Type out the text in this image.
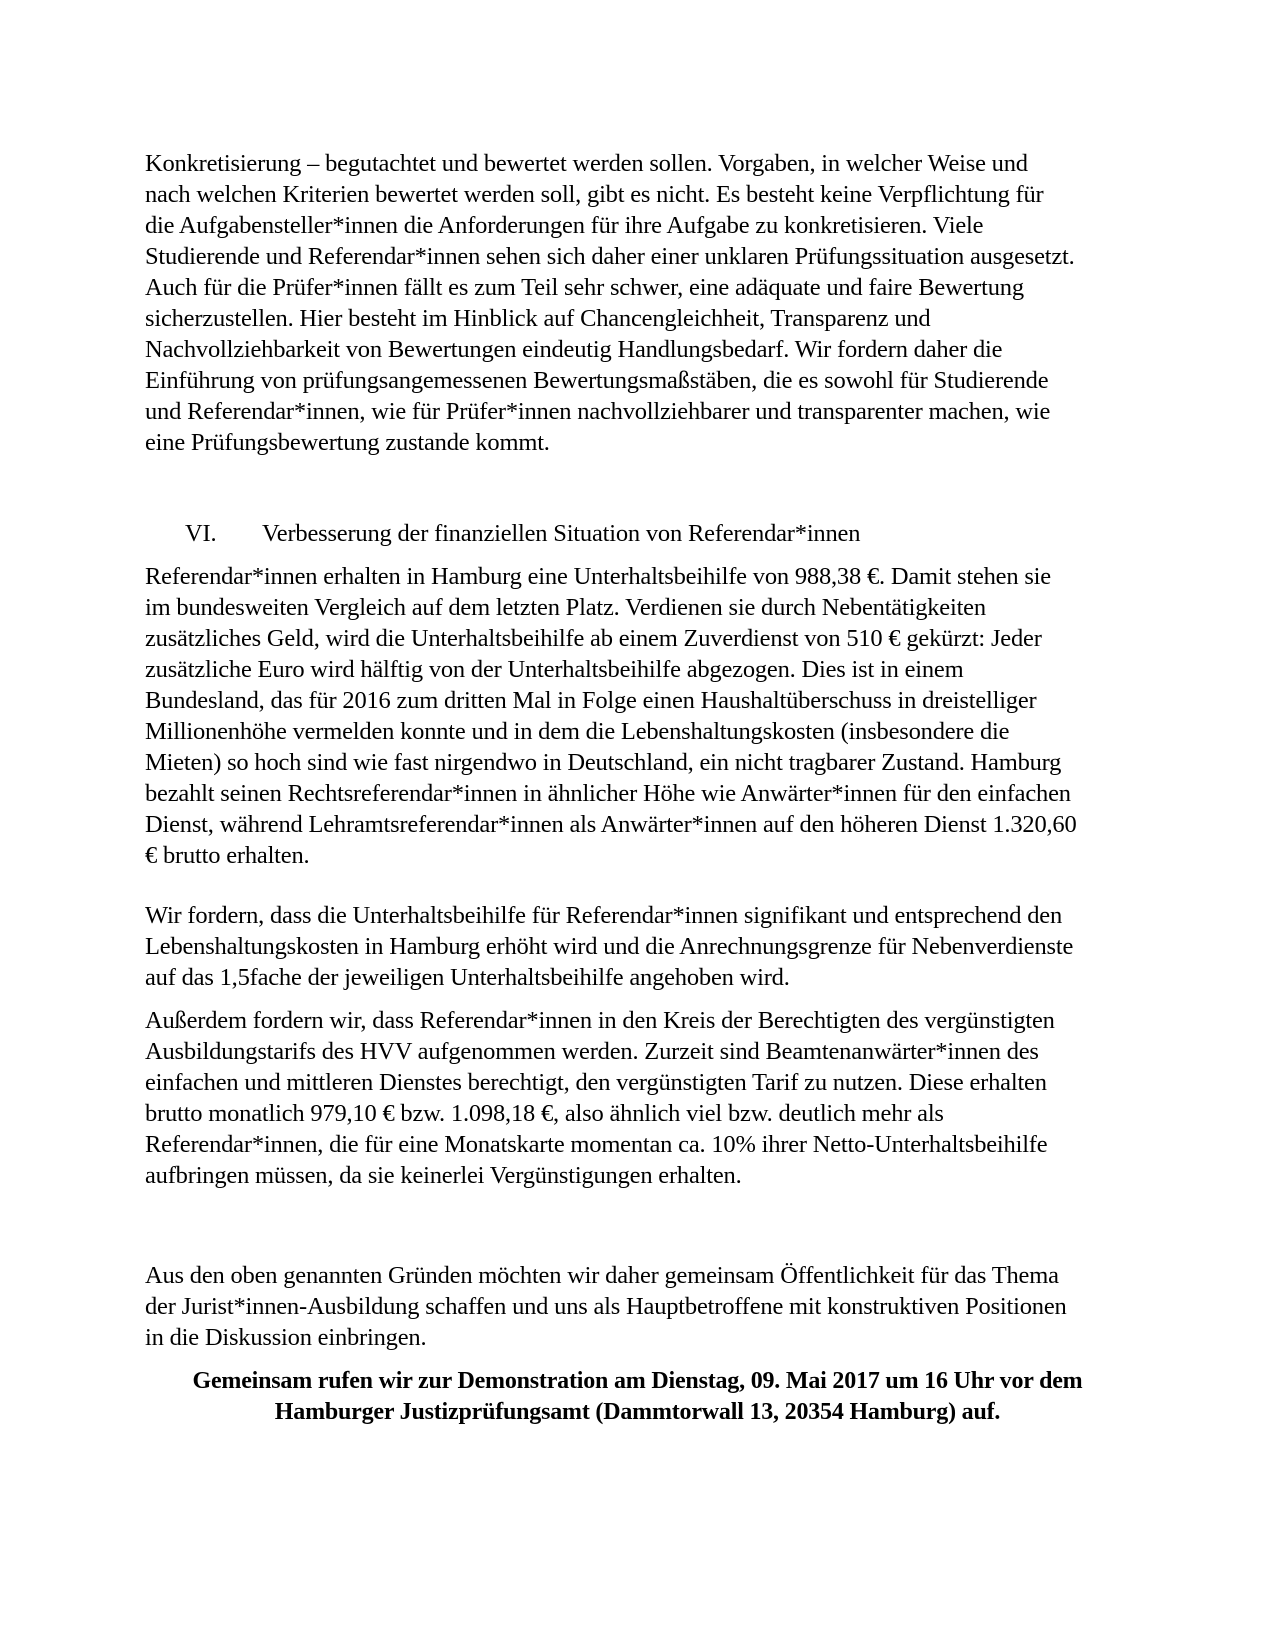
Konkretisierung – begutachtet und bewertet werden sollen. Vorgaben, in welcher Weise und
nach welchen Kriterien bewertet werden soll, gibt es nicht. Es besteht keine Verpflichtung für
die Aufgabensteller*innen die Anforderungen für ihre Aufgabe zu konkretisieren. Viele
Studierende und Referendar*innen sehen sich daher einer unklaren Prüfungssituation ausgesetzt.
Auch für die Prüfer*innen fällt es zum Teil sehr schwer, eine adäquate und faire Bewertung
sicherzustellen. Hier besteht im Hinblick auf Chancengleichheit, Transparenz und
Nachvollziehbarkeit von Bewertungen eindeutig Handlungsbedarf. Wir fordern daher die
Einführung von prüfungsangemessenen Bewertungsmaßstäben, die es sowohl für Studierende
und Referendar*innen, wie für Prüfer*innen nachvollziehbarer und transparenter machen, wie
eine Prüfungsbewertung zustande kommt.
VI. Verbesserung der finanziellen Situation von Referendar*innen
Referendar*innen erhalten in Hamburg eine Unterhaltsbeihilfe von 988,38 €. Damit stehen sie
im bundesweiten Vergleich auf dem letzten Platz. Verdienen sie durch Nebentätigkeiten
zusätzliches Geld, wird die Unterhaltsbeihilfe ab einem Zuverdienst von 510 € gekürzt: Jeder
zusätzliche Euro wird hälftig von der Unterhaltsbeihilfe abgezogen. Dies ist in einem
Bundesland, das für 2016 zum dritten Mal in Folge einen Haushaltüberschuss in dreistelliger
Millionenhöhe vermelden konnte und in dem die Lebenshaltungskosten (insbesondere die
Mieten) so hoch sind wie fast nirgendwo in Deutschland, ein nicht tragbarer Zustand. Hamburg
bezahlt seinen Rechtsreferendar*innen in ähnlicher Höhe wie Anwärter*innen für den einfachen
Dienst, während Lehramtsreferendar*innen als Anwärter*innen auf den höheren Dienst 1.320,60
€ brutto erhalten.
Wir fordern, dass die Unterhaltsbeihilfe für Referendar*innen signifikant und entsprechend den
Lebenshaltungskosten in Hamburg erhöht wird und die Anrechnungsgrenze für Nebenverdienste
auf das 1,5fache der jeweiligen Unterhaltsbeihilfe angehoben wird.
Außerdem fordern wir, dass Referendar*innen in den Kreis der Berechtigten des vergünstigten
Ausbildungstarifs des HVV aufgenommen werden. Zurzeit sind Beamtenanwärter*innen des
einfachen und mittleren Dienstes berechtigt, den vergünstigten Tarif zu nutzen. Diese erhalten
brutto monatlich 979,10 € bzw. 1.098,18 €, also ähnlich viel bzw. deutlich mehr als
Referendar*innen, die für eine Monatskarte momentan ca. 10% ihrer Netto-Unterhaltsbeihilfe
aufbringen müssen, da sie keinerlei Vergünstigungen erhalten.
Aus den oben genannten Gründen möchten wir daher gemeinsam Öffentlichkeit für das Thema
der Jurist*innen-Ausbildung schaffen und uns als Hauptbetroffene mit konstruktiven Positionen
in die Diskussion einbringen.
Gemeinsam rufen wir zur Demonstration am Dienstag, 09. Mai 2017 um 16 Uhr vor dem
Hamburger Justizprüfungsamt (Dammtorwall 13, 20354 Hamburg) auf.
